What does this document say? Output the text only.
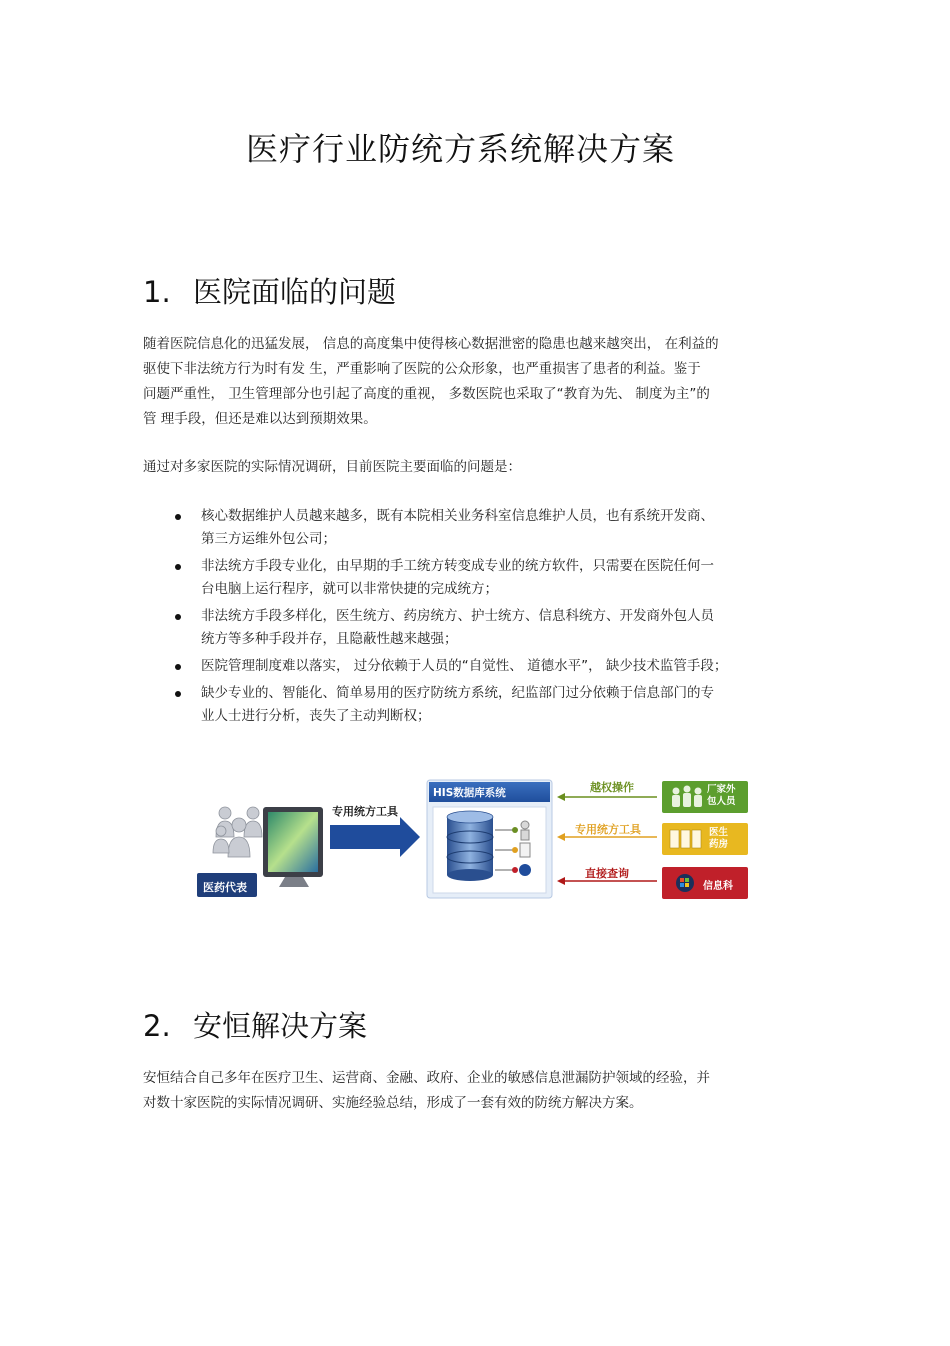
医疗行业防统方系统解决方案
1. 医院面临的问题

随着医院信息化的迅猛发展， 信息的高度集中使得核心数据泄密的隐患也越来越突出， 在利益的
驱使下非法统方行为时有发 生，严重影响了医院的公众形象，也严重损害了患者的利益。鉴于
问题严重性， 卫生管理部分也引起了高度的重视， 多数医院也采取了“教育为先、 制度为主”的
管 理手段，但还是难以达到预期效果。

通过对多家医院的实际情况调研，目前医院主要面临的问题是：

核心数据维护人员越来越多，既有本院相关业务科室信息维护人员，也有系统开发商、
第三方运维外包公司；
非法统方手段专业化，由早期的手工统方转变成专业的统方软件，只需要在医院任何一
台电脑上运行程序，就可以非常快捷的完成统方；
非法统方手段多样化，医生统方、药房统方、护士统方、信息科统方、开发商外包人员
统方等多种手段并存，且隐蔽性越来越强；
医院管理制度难以落实， 过分依赖于人员的“自觉性、 道德水平”， 缺少技术监管手段；
缺少专业的、智能化、简单易用的医疗防统方系统，纪监部门过分依赖于信息部门的专
业人士进行分析，丧失了主动判断权；
医药代表
专用统方工具
HIS数据库系统	越权操作
专用统方工具
直接查询
厂家外
包人员
医生
药房
信息科
2. 安恒解决方案

安恒结合自己多年在医疗卫生、运营商、金融、政府、企业的敏感信息泄漏防护领域的经验，并
对数十家医院的实际情况调研、实施经验总结，形成了一套有效的防统方解决方案。
